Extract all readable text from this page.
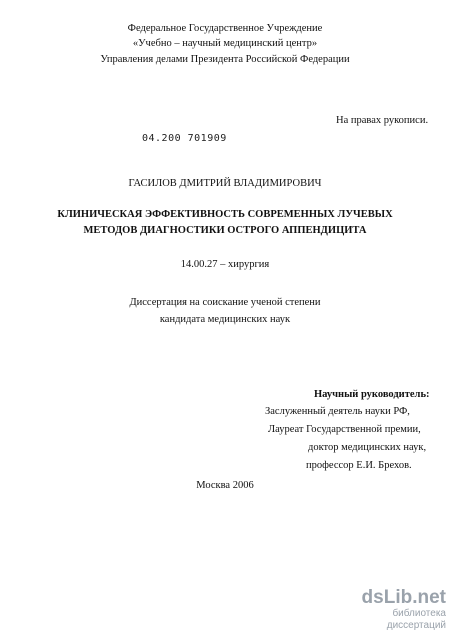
Федеральное Государственное Учреждение
«Учебно – научный медицинский центр»
Управления делами Президента Российской Федерации
На правах рукописи.
04.200 701909
ГАСИЛОВ ДМИТРИЙ ВЛАДИМИРОВИЧ
КЛИНИЧЕСКАЯ ЭФФЕКТИВНОСТЬ СОВРЕМЕННЫХ ЛУЧЕВЫХ
МЕТОДОВ ДИАГНОСТИКИ ОСТРОГО АППЕНДИЦИТА
14.00.27 – хирургия
Диссертация на соискание ученой степени
кандидата медицинских наук
Научный руководитель:
Заслуженный деятель науки РФ,
Лауреат Государственной премии,
доктор медицинских наук,
профессор Е.И. Брехов.
Москва 2006
dsLib.net
библиотека диссертаций
